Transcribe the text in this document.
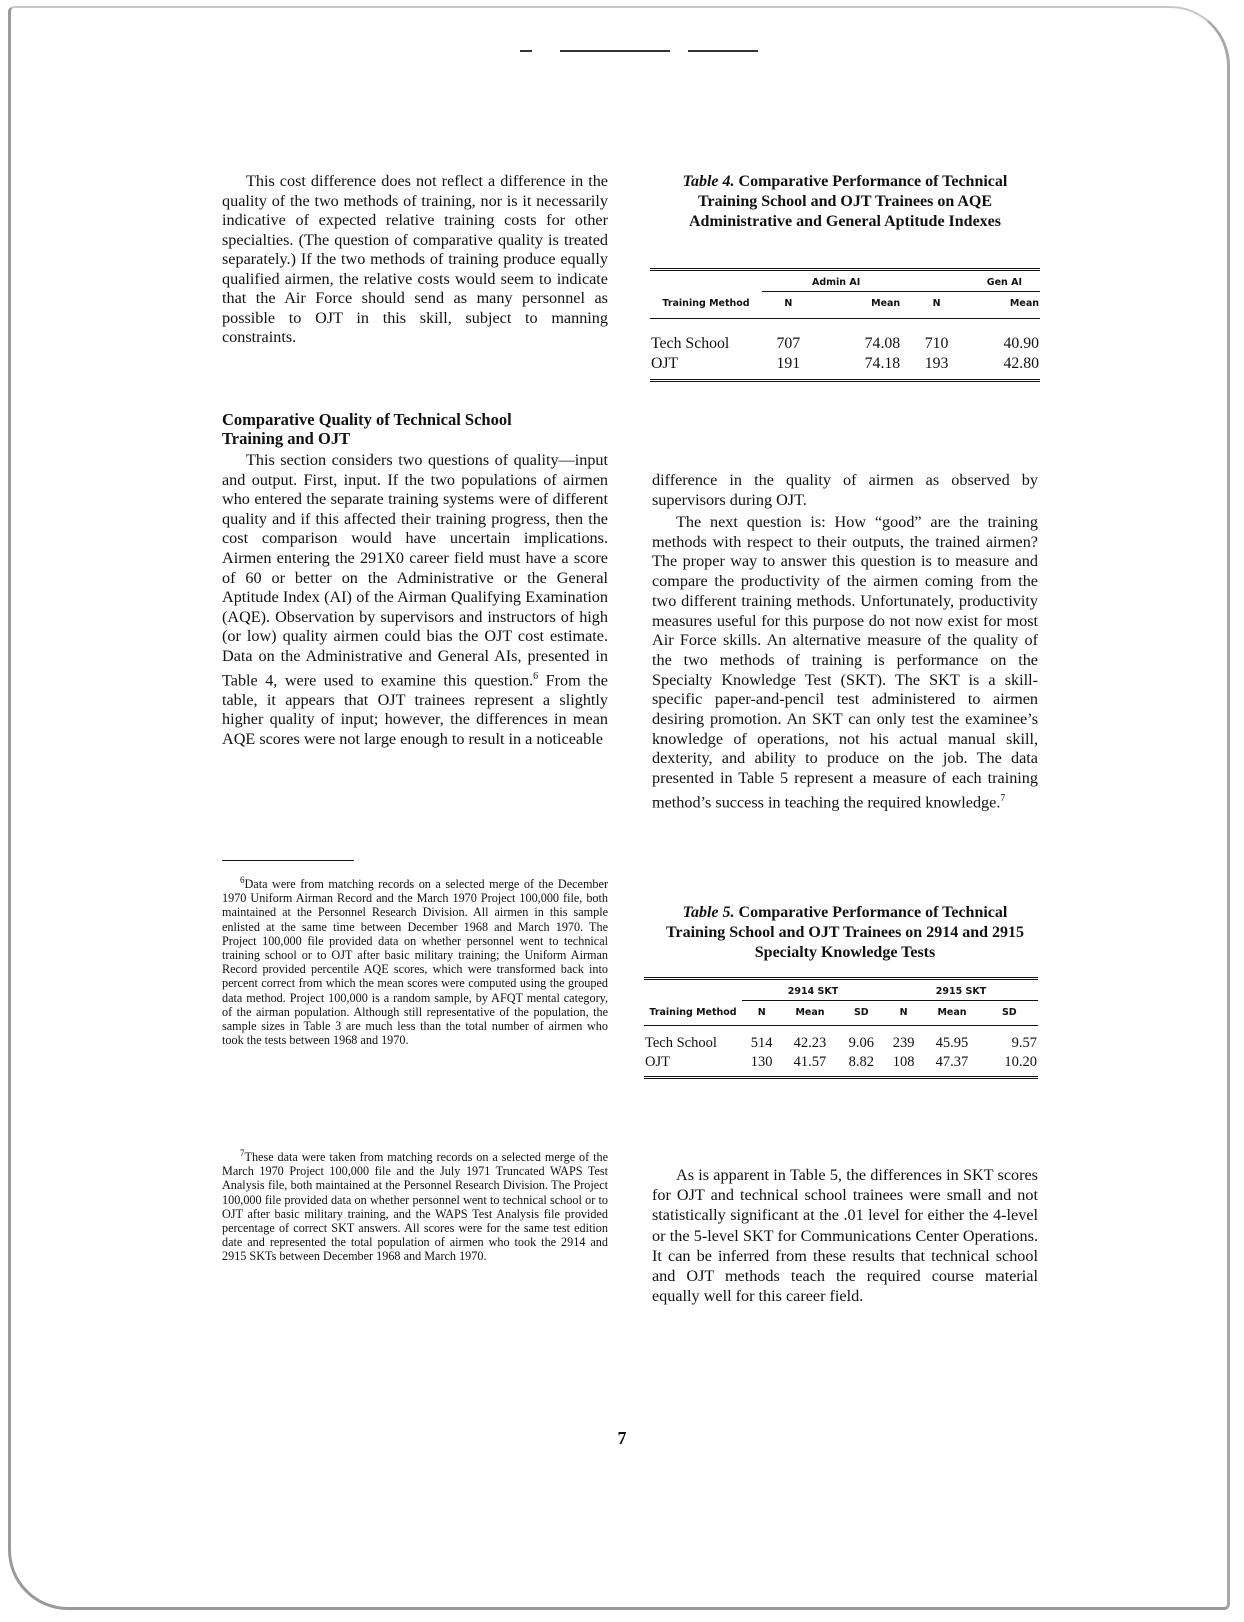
This cost difference does not reflect a difference in the quality of the two methods of training, nor is it necessarily indicative of expected relative training costs for other specialties. (The question of comparative quality is treated separately.) If the two methods of training produce equally qualified airmen, the relative costs would seem to indicate that the Air Force should send as many personnel as possible to OJT in this skill, subject to manning constraints.

Comparative Quality of Technical School Training and OJT

This section considers two questions of quality—input and output. First, input. If the two populations of airmen who entered the separate training systems were of different quality and if this affected their training progress, then the cost comparison would have uncertain implications. Airmen entering the 291X0 career field must have a score of 60 or better on the Administrative or the General Aptitude Index (AI) of the Airman Qualifying Examination (AQE). Observation by supervisors and instructors of high (or low) quality airmen could bias the OJT cost estimate. Data on the Administrative and General AIs, presented in Table 4, were used to examine this question.$^6$ From the table, it appears that OJT trainees represent a slightly higher quality of input; however, the differences in mean AQE scores were not large enough to result in a noticeable

$^6$Data were from matching records on a selected merge of the December 1970 Uniform Airman Record and the March 1970 Project 100,000 file, both maintained at the Personnel Research Division. All airmen in this sample enlisted at the same time between December 1968 and March 1970. The Project 100,000 file provided data on whether personnel went to technical training school or to OJT after basic military training; the Uniform Airman Record provided percentile AQE scores, which were transformed back into percent correct from which the mean scores were computed using the grouped data method. Project 100,000 is a random sample, by AFQT mental category, of the airman population. Although still representative of the population, the sample sizes in Table 3 are much less than the total number of airmen who took the tests between 1968 and 1970.

$^7$These data were taken from matching records on a selected merge of the March 1970 Project 100,000 file and the July 1971 Truncated WAPS Test Analysis file, both maintained at the Personnel Research Division. The Project 100,000 file provided data on whether personnel went to technical school or to OJT after basic military training, and the WAPS Test Analysis file provided percentage of correct SKT answers. All scores were for the same test edition date and represented the total population of airmen who took the 2914 and 2915 SKTs between December 1968 and March 1970.

Table 4. Comparative Performance of Technical Training School and OJT Trainees on AQE Administrative and General Aptitude Indexes
Training Method	Admin AI		Gen AI	
	N	Mean	N	Mean

Tech School	707	74.08	710	40.90
OJT	191	74.18	193	42.80

difference in the quality of airmen as observed by supervisors during OJT.

The next question is: How “good” are the training methods with respect to their outputs, the trained airmen? The proper way to answer this question is to measure and compare the productivity of the airmen coming from the two different training methods. Unfortunately, productivity measures useful for this purpose do not now exist for most Air Force skills. An alternative measure of the quality of the two methods of training is performance on the Specialty Knowledge Test (SKT). The SKT is a skill-specific paper-and-pencil test administered to airmen desiring promotion. An SKT can only test the examinee’s knowledge of operations, not his actual manual skill, dexterity, and ability to produce on the job. The data presented in Table 5 represent a measure of each training method’s success in teaching the required knowledge.$^7$

Table 5. Comparative Performance of Technical Training School and OJT Trainees on 2914 and 2915 Specialty Knowledge Tests
Training Method	2914 SKT			2915 SKT		
	N	Mean	SD	N	Mean	SD

Tech School	514	42.23	9.06	239	45.95	9.57
OJT	130	41.57	8.82	108	47.37	10.20

As is apparent in Table 5, the differences in SKT scores for OJT and technical school trainees were small and not statistically significant at the .01 level for either the 4-level or the 5-level SKT for Communications Center Operations. It can be inferred from these results that technical school and OJT methods teach the required course material equally well for this career field.

7
